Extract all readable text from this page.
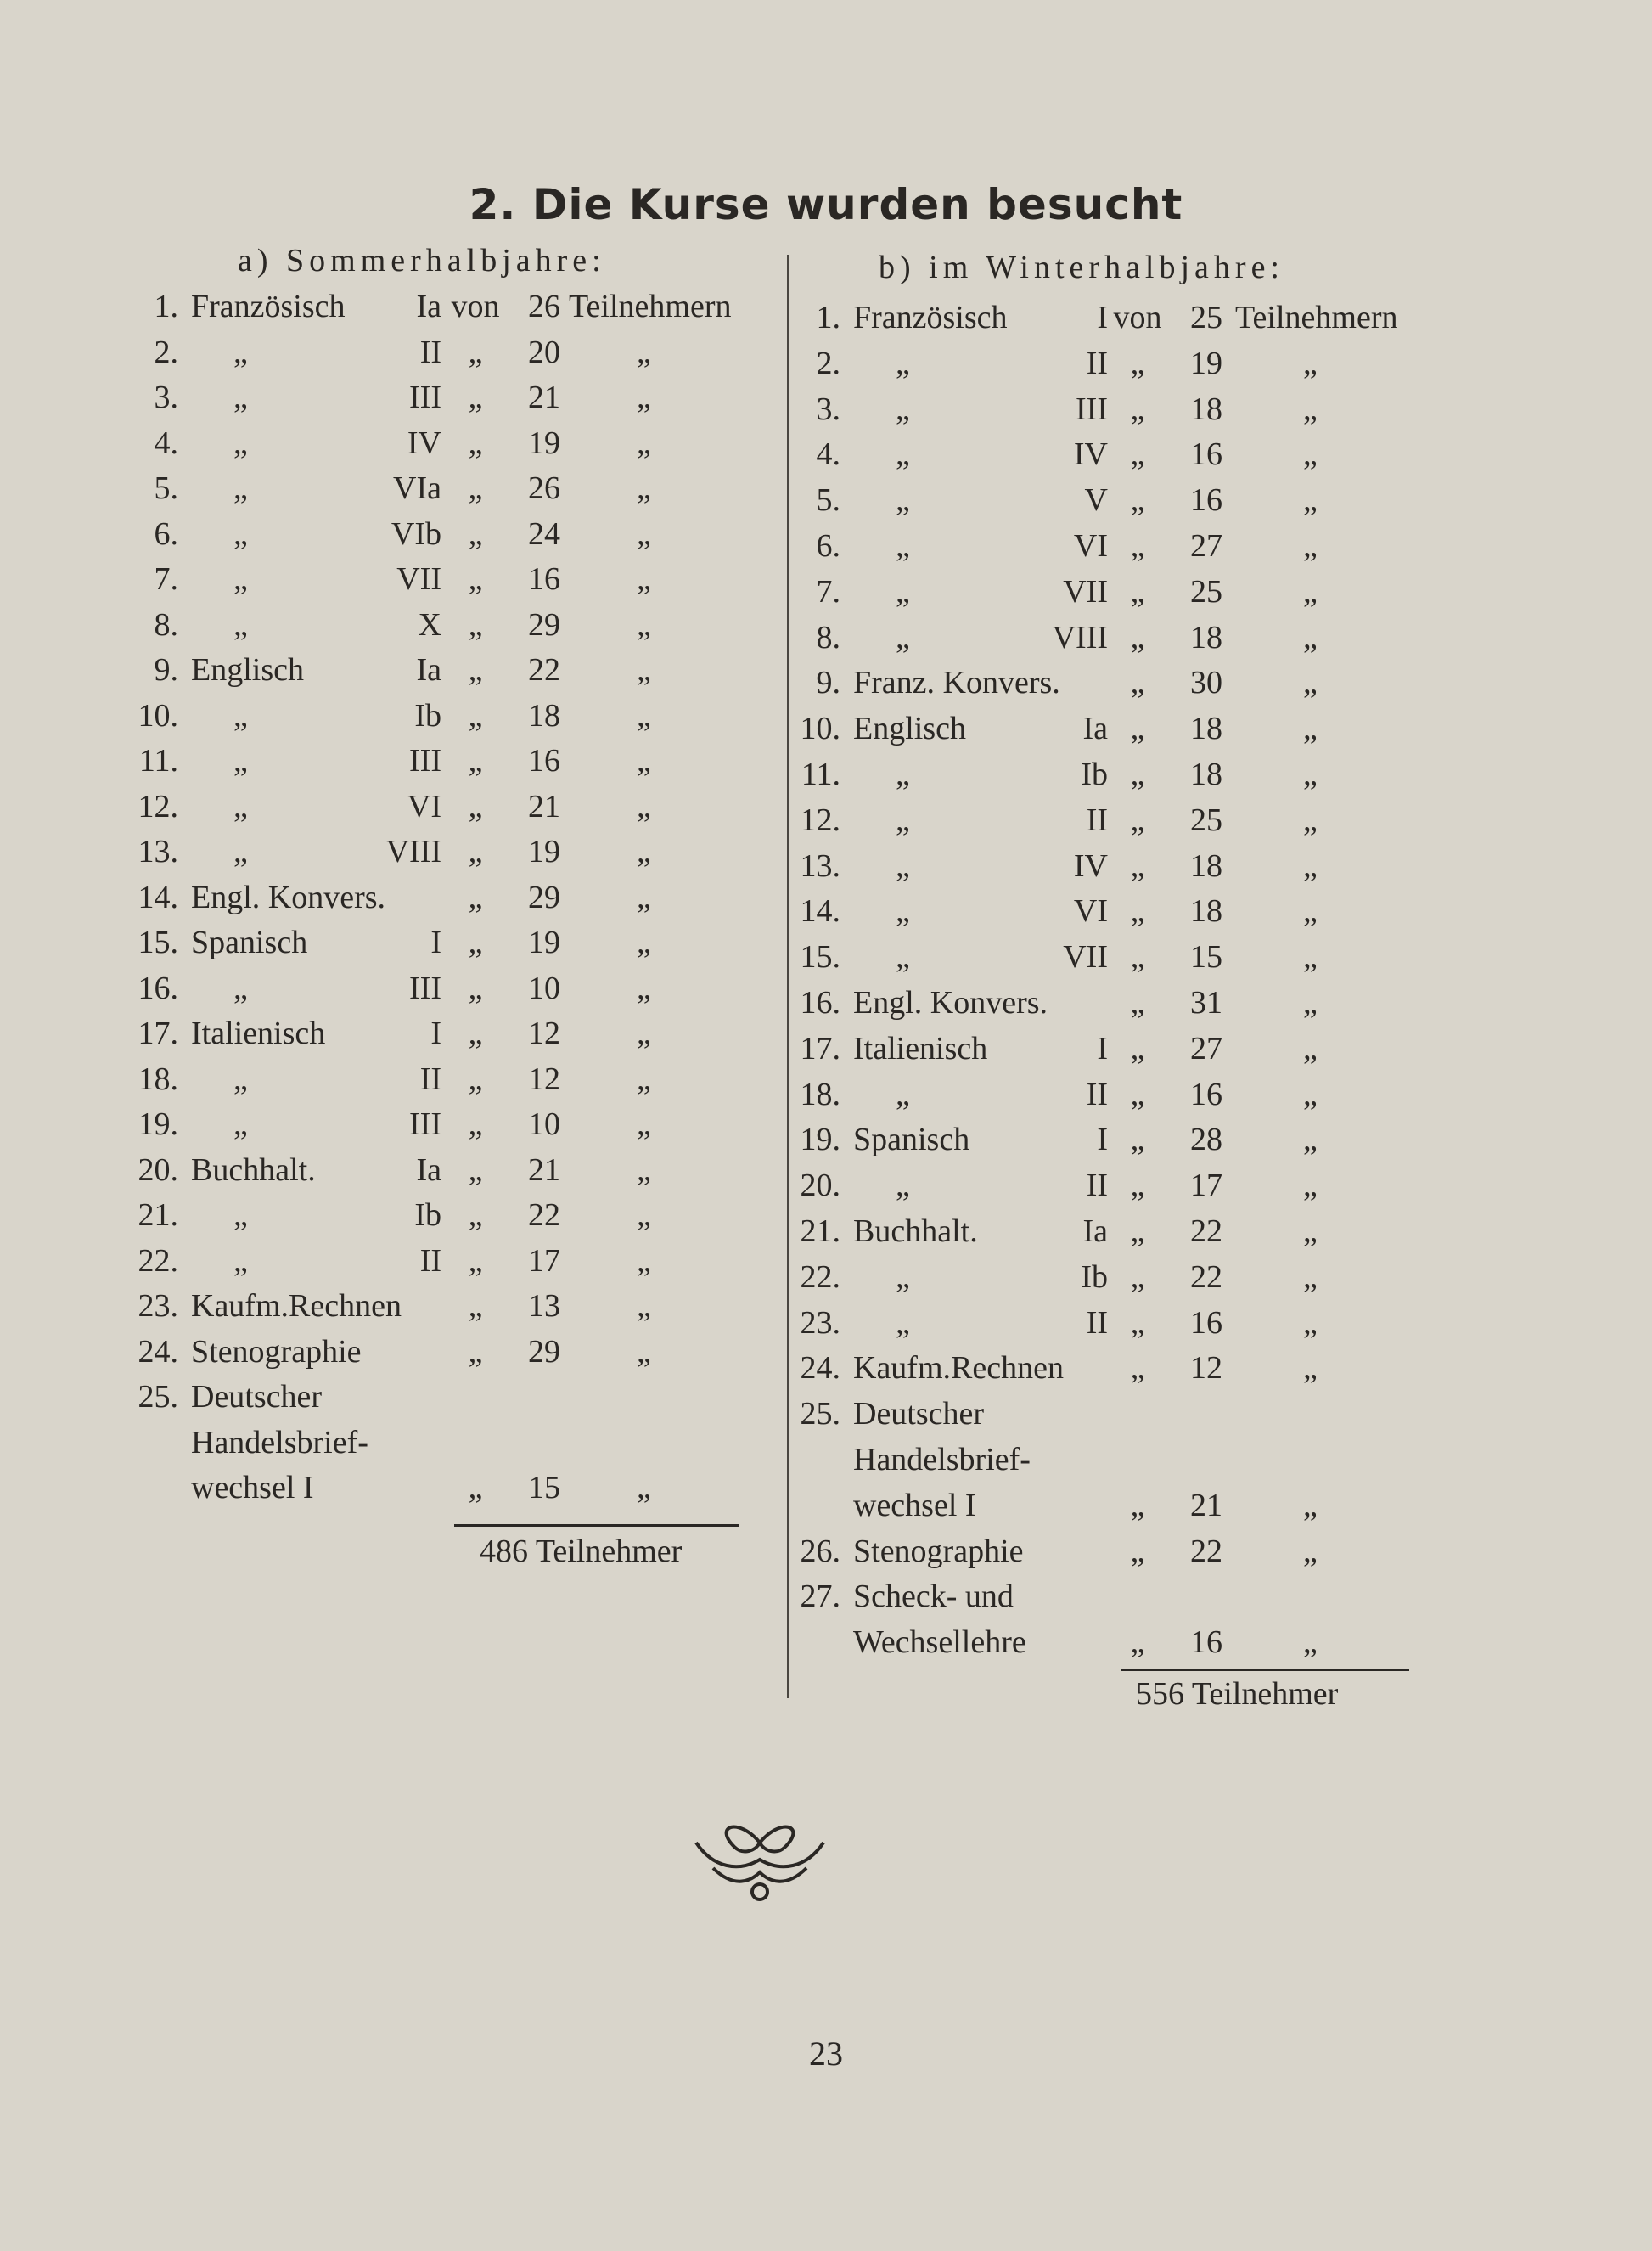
2. Die Kurse wurden besucht
a) Sommerhalbjahre:
1. Französisch	Ia von 26 Teilnehmern
2. „	II „	20 „
3. „	III „	21 „
4. „	IV „	19 „
5. „	VIa „	26 „
6. „	VIb „	24 „
7. „	VII „	16 „
8. „	X „	29 „
9. Englisch	Ia „	22 „
10. „	Ib „	18 „
11. „	III „	16 „
12. „	VI „	21 „
13. „	VIII „	19 „
14. Engl. Konvers.	„	29 „
15. Spanisch	I „	19 „
16. „	III „	10 „
17. Italienisch	I „	12 „
18. „	II „	12 „
19. „	III „	10 „
20. Buchhalt.	Ia „	21 „
21. „	Ib „	22 „
22. „	II „	17 „
23. Kaufm.Rechnen	„	13 „
24. Stenographie	„	29 „
25. Deutscher
Handelsbrief-
wechsel I	„	15 „
486 Teilnehmer
b) im Winterhalbjahre:
1. Französisch	I von 25 Teilnehmern
2. „	II „	19	„
3. „	III „	18	„
4. „	IV „	16	„
5. „	V „	16	„
6. „	VI „	27	„
7. „	VII „	25	„
8. „	VIII „	18	„
9. Franz. Konvers.	„	30	„
10. Englisch	Ia „	18	„
11. „	Ib „	18	„
12. „	II „	25	„
13. „	IV „	18	„
14. „	VI „	18	„
15. „	VII „	15	„
16. Engl. Konvers.	„	31	„
17. Italienisch	I „	27	„
18. „	II „	16	„
19. Spanisch	I „	28	„
20. „	II „	17	„
21. Buchhalt.	Ia „	22	„
22. „	Ib „	22	„
23. „	II „	16	„
24. Kaufm.Rechnen	„	12	„
25. Deutscher
Handelsbrief-
wechsel I	„	21	„
26. Stenographie	„	22	„
27. Scheck- und
Wechsellehre	„	16	„
556 Teilnehmer
23
